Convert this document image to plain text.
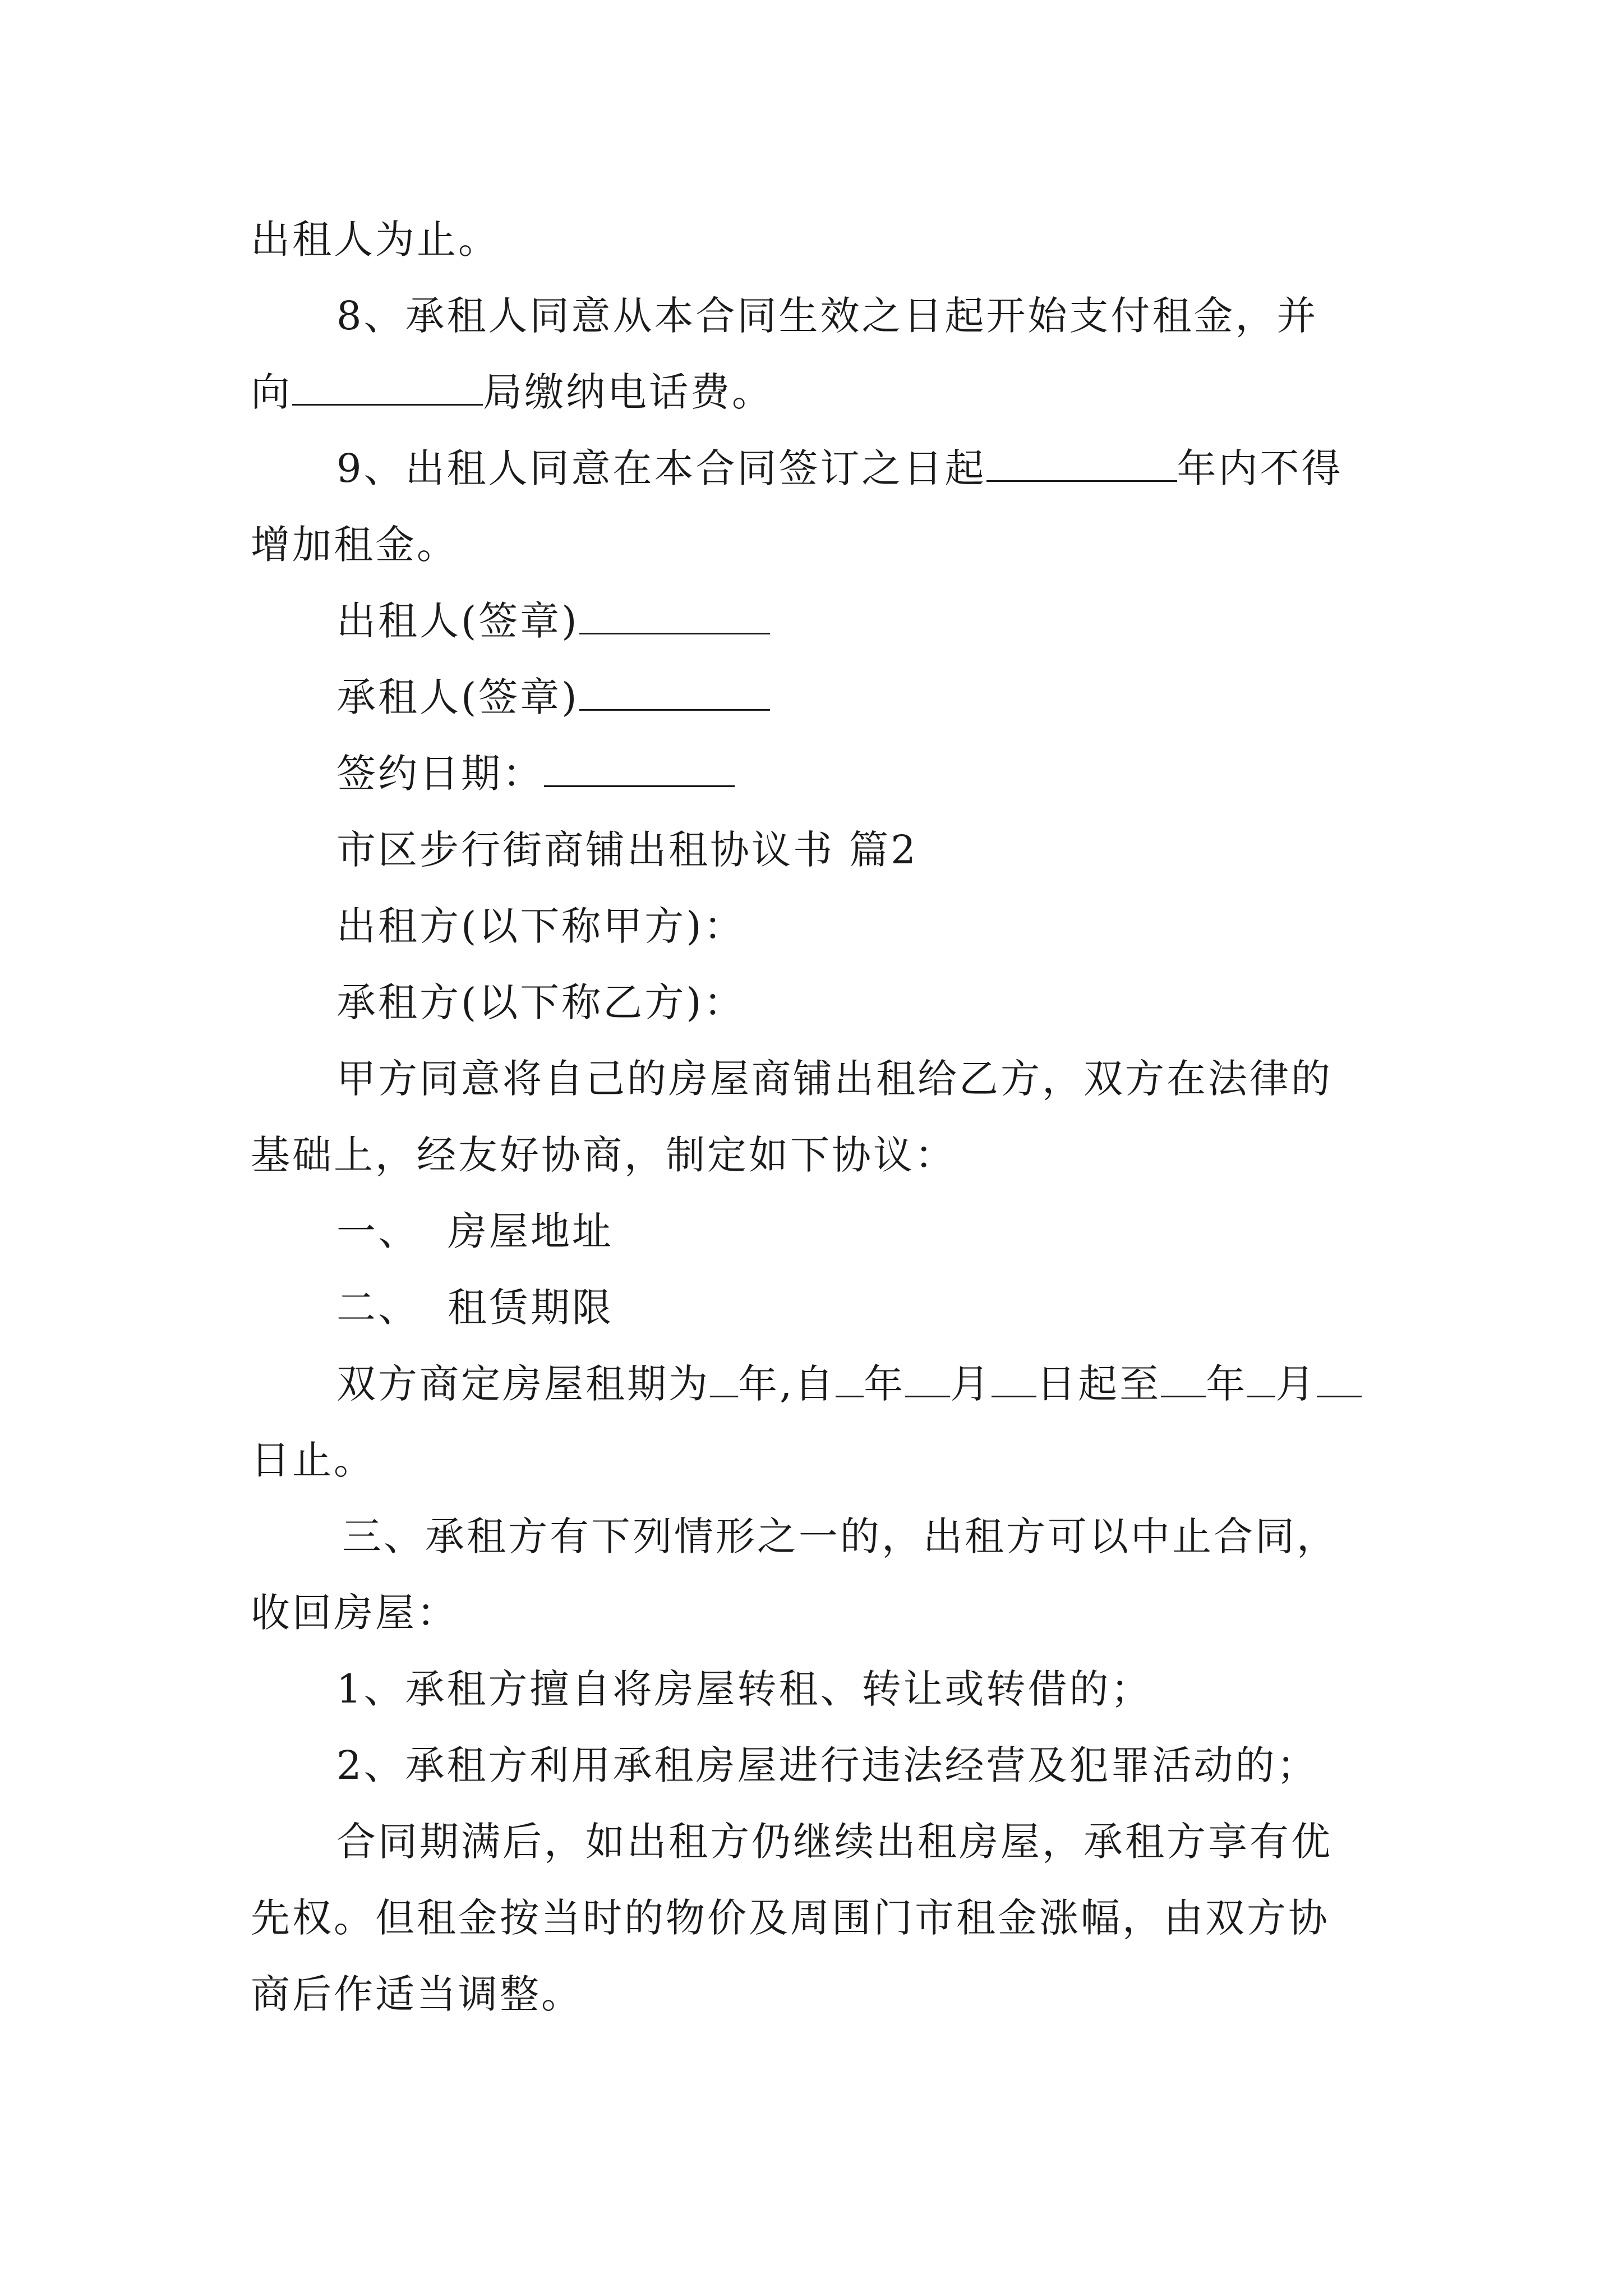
出租人为止。
8、承租人同意从本合同生效之日起开始支付租金，并
向	局缴纳电话费。
9、出租人同意在本合同签订之日起	年内不得
增加租金。
出租人(签章)
承租人(签章)
签约日期：
市区步行街商铺出租协议书 篇2
出租方(以下称甲方)：
承租方(以下称乙方)：
甲方同意将自己的房屋商铺出租给乙方，双方在法律的
基础上，经友好协商，制定如下协议：
一、 房屋地址
二、 租赁期限
双方商定房屋租期为 年,自 年 月 日起至 年 月
日止。
三、承租方有下列情形之一的，出租方可以中止合同，
收回房屋：
1、承租方擅自将房屋转租、转让或转借的；
2、承租方利用承租房屋进行违法经营及犯罪活动的；
合同期满后，如出租方仍继续出租房屋，承租方享有优
先权。但租金按当时的物价及周围门市租金涨幅，由双方协
商后作适当调整。
